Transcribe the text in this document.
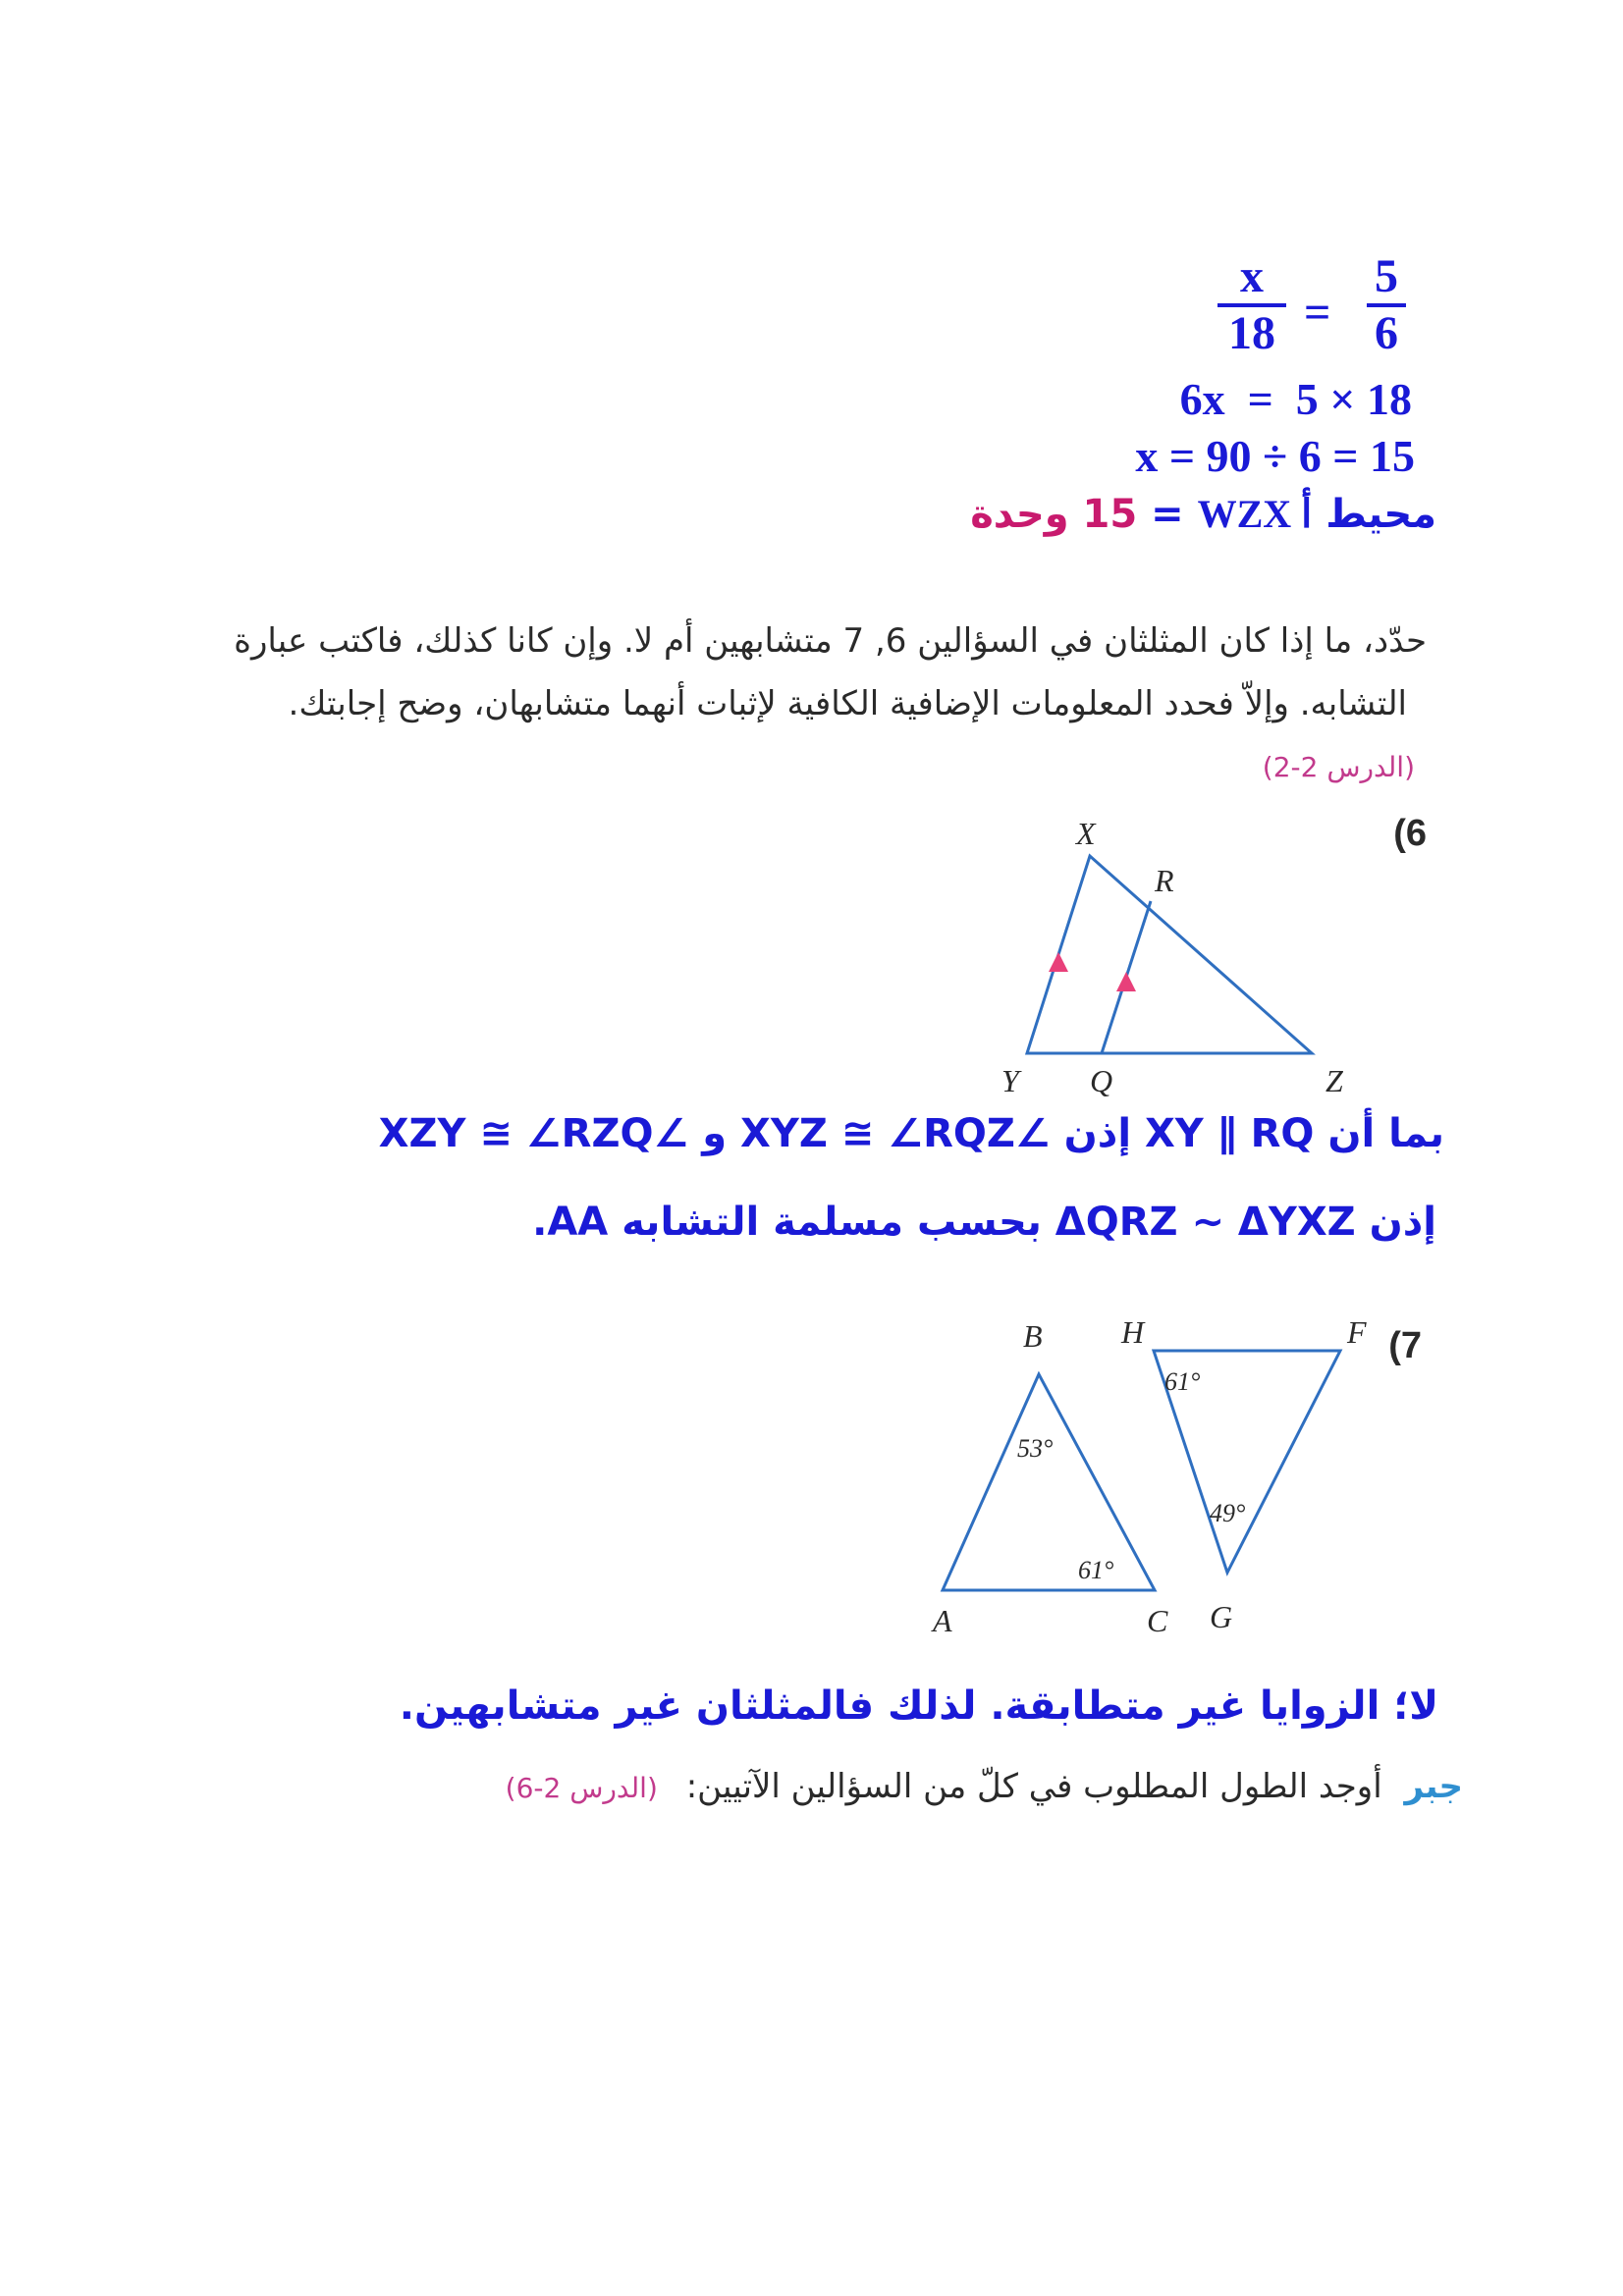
x
18 =
5
6
6x  =  5 × 18
x = 90 ÷ 6 = 15
محيط WZX أ = 15 وحدة
حدّد، ما إذا كان المثلثان في السؤالين 6, 7 متشابهين أم لا. وإن كانا كذلك، فاكتب عبارة
التشابه. وإلاّ فحدد المعلومات الإضافية الكافية لإثبات أنهما متشابهان، وضح إجابتك.
(الدرس 2-2)
(6
X
R
Y Q	Z
بما أن XY ∥ RQ إذن ∠XYZ ≅ ∠RQZ و ∠XZY ≅ ∠RZQ
إذن ΔQRZ ∼ ΔYXZ بحسب مسلمة التشابه AA.
(7
B	H	F
A	C G
53°
61°
61°
49°
لا؛ الزوايا غير متطابقة. لذلك فالمثلثان غير متشابهين.
جبر أوجد الطول المطلوب في كلّ من السؤالين الآتيين: (الدرس 2-6)
